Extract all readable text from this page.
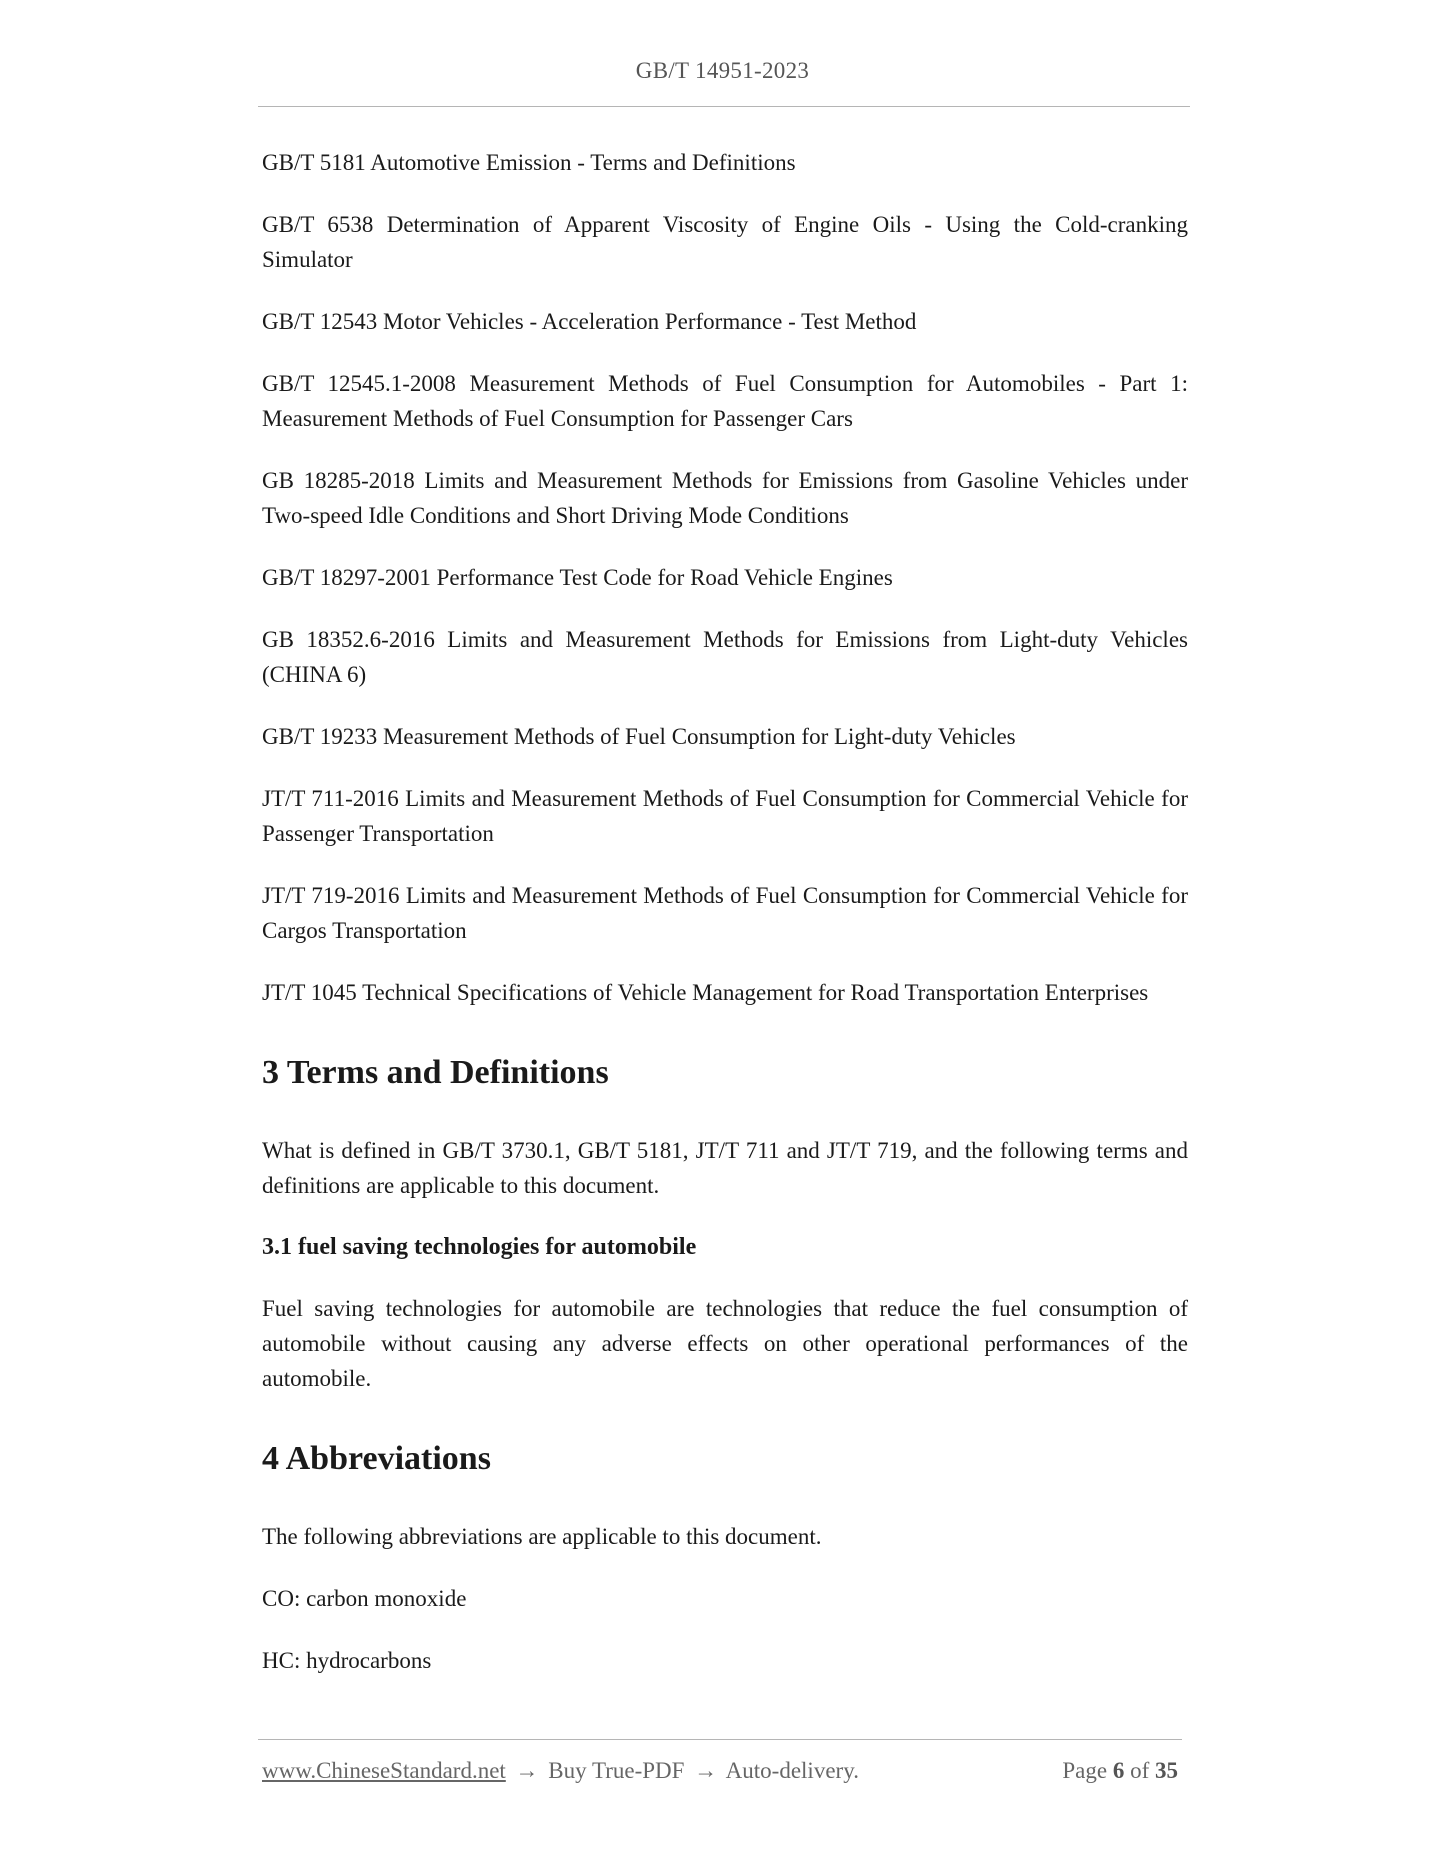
GB/T 14951-2023

GB/T 5181 Automotive Emission - Terms and Definitions

GB/T 6538 Determination of Apparent Viscosity of Engine Oils - Using the Cold-cranking Simulator

GB/T 12543 Motor Vehicles - Acceleration Performance - Test Method

GB/T 12545.1-2008 Measurement Methods of Fuel Consumption for Automobiles - Part 1: Measurement Methods of Fuel Consumption for Passenger Cars

GB 18285-2018 Limits and Measurement Methods for Emissions from Gasoline Vehicles under Two-speed Idle Conditions and Short Driving Mode Conditions

GB/T 18297-2001 Performance Test Code for Road Vehicle Engines

GB 18352.6-2016 Limits and Measurement Methods for Emissions from Light-duty Vehicles (CHINA 6)

GB/T 19233 Measurement Methods of Fuel Consumption for Light-duty Vehicles

JT/T 711-2016 Limits and Measurement Methods of Fuel Consumption for Commercial Vehicle for Passenger Transportation

JT/T 719-2016 Limits and Measurement Methods of Fuel Consumption for Commercial Vehicle for Cargos Transportation

JT/T 1045 Technical Specifications of Vehicle Management for Road Transportation Enterprises

3 Terms and Definitions

What is defined in GB/T 3730.1, GB/T 5181, JT/T 711 and JT/T 719, and the following terms and definitions are applicable to this document.

3.1 fuel saving technologies for automobile

Fuel saving technologies for automobile are technologies that reduce the fuel consumption of automobile without causing any adverse effects on other operational performances of the automobile.

4 Abbreviations

The following abbreviations are applicable to this document.

CO: carbon monoxide

HC: hydrocarbons

www.ChineseStandard.net → Buy True-PDF → Auto-delivery.	Page 6 of 35
